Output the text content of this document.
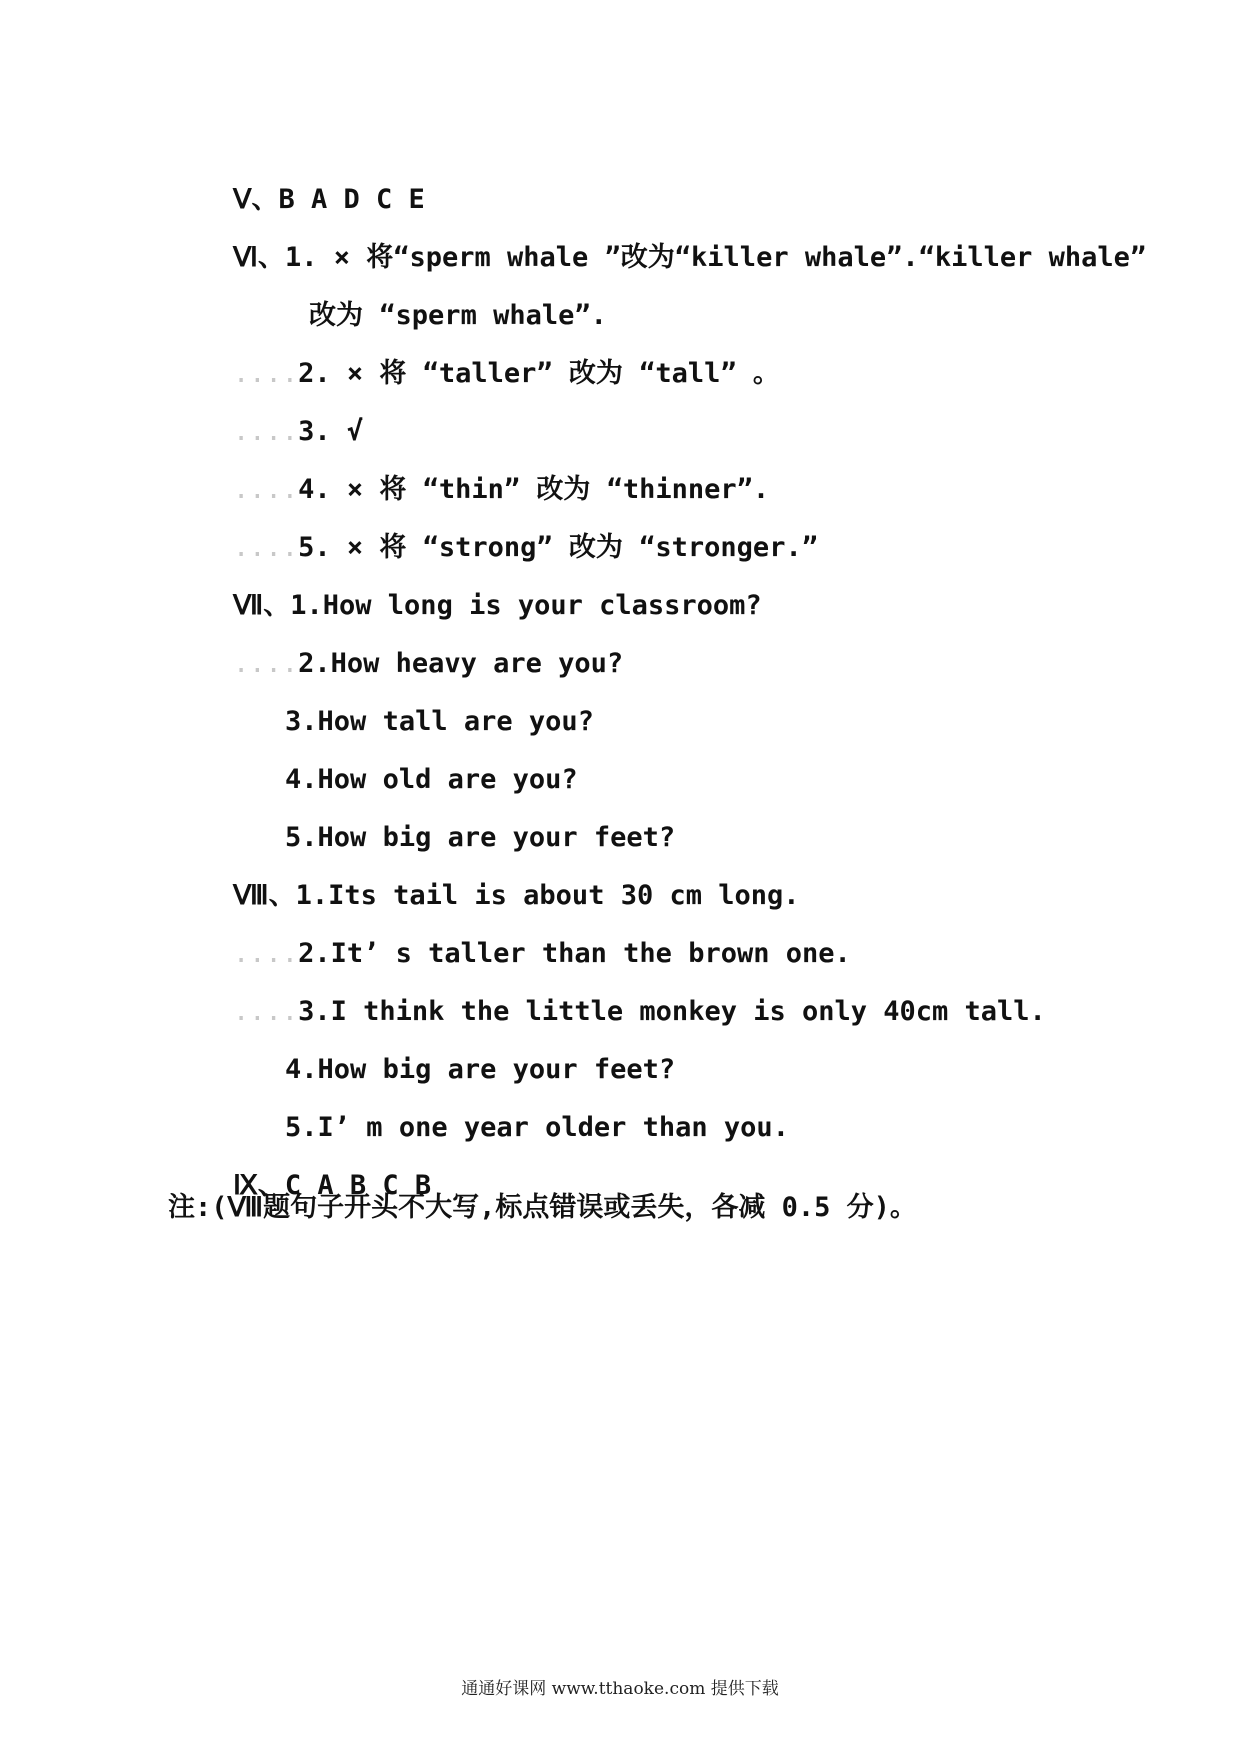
Ⅴ、B A D C E

Ⅵ、1. × 将“sperm whale ”改为“killer whale”.“killer whale”

改为 “sperm whale”.

....2. × 将 “taller” 改为 “tall” 。

....3. √

....4. × 将 “thin” 改为 “thinner”.

....5. × 将 “strong” 改为 “stronger.”

Ⅶ、1.How long is your classroom?

....2.How heavy are you?

3.How tall are you?

4.How old are you?

5.How big are your feet?

Ⅷ、1.Its tail is about 30 cm long.

....2.It’ s taller than the brown one.

....3.I think the little monkey is only 40cm tall.

4.How big are your feet?

5.I’ m one year older than you.

Ⅸ、C A B C B

注:(Ⅷ题句子开头不大写,标点错误或丢失，各减 0.5 分)。
通通好课网 www.tthaoke.com 提供下载
